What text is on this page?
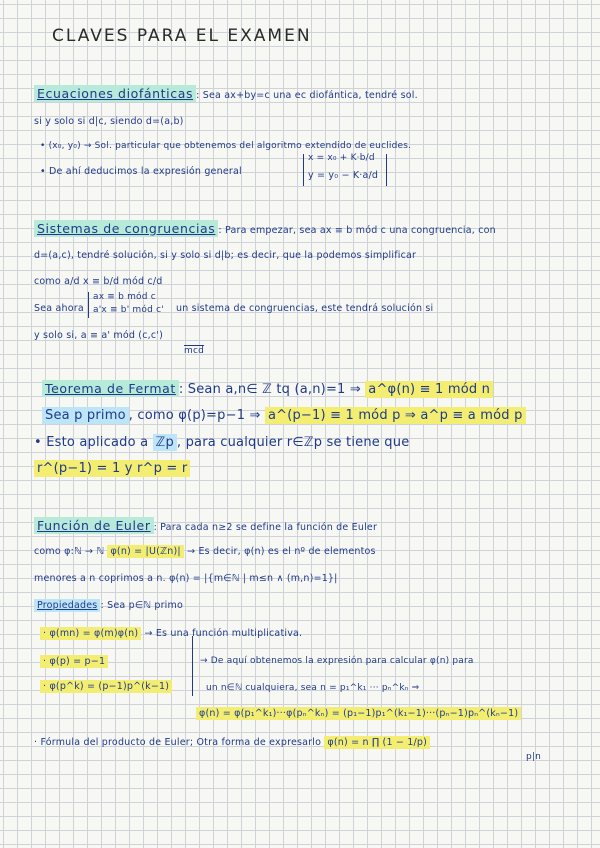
CLAVES PARA EL EXAMEN
Ecuaciones diofánticas : Sea ax+by=c una ec diofántica, tendré sol.
si y solo si d|c, siendo d=(a,b)
• (x₀, y₀) → Sol. particular que obtenemos del algoritmo extendido de euclides.
• De ahí deducimos la expresión general
x = x₀ + K·b/d
y = y₀ − K·a/d
Sistemas de congruencias : Para empezar, sea ax ≡ b mód c una congruencia, con
d=(a,c), tendré solución, si y solo si d|b; es decir, que la podemos simplificar
como a/d x ≡ b/d mód c/d
Sea ahora
ax ≡ b mód c
a'x ≡ b' mód c' un sistema de congruencias, este tendrá solución si
y solo si, a ≡ a' mód (c,c')
$\overline{mcd}$
Teorema de Fermat : Sean a,n∈ ℤ tq (a,n)=1 ⇒ a^φ(n) ≡ 1 mód n
Sea p primo , como φ(p)=p−1 ⇒ a^(p−1) ≡ 1 mód p ⇒ a^p ≡ a mód p
• Esto aplicado a ℤp , para cualquier r∈ℤp se tiene que
r^(p−1) = 1 y r^p = r
Función de Euler : Para cada n≥2 se define la función de Euler
como φ:ℕ → ℕ φ(n) = |U(ℤn)| → Es decir, φ(n) es el nº de elementos
menores a n coprimos a n. φ(n) = |{m∈ℕ | m≤n ∧ (m,n)=1}|
Propiedades : Sea p∈ℕ primo
· φ(mn) = φ(m)φ(n) → Es una función multiplicativa.
· φ(p) = p−1
· φ(p^k) = (p−1)p^(k−1)
→ De aquí obtenemos la expresión para calcular φ(n) para
un n∈ℕ cualquiera, sea n = p₁^k₁ ··· pₙ^kₙ ⇒
φ(n) = φ(p₁^k₁)···φ(pₙ^kₙ) = (p₁−1)p₁^(k₁−1)···(pₙ−1)pₙ^(kₙ−1)
· Fórmula del producto de Euler; Otra forma de expresarlo φ(n) = n ∏ (1 − 1/p)
p|n
